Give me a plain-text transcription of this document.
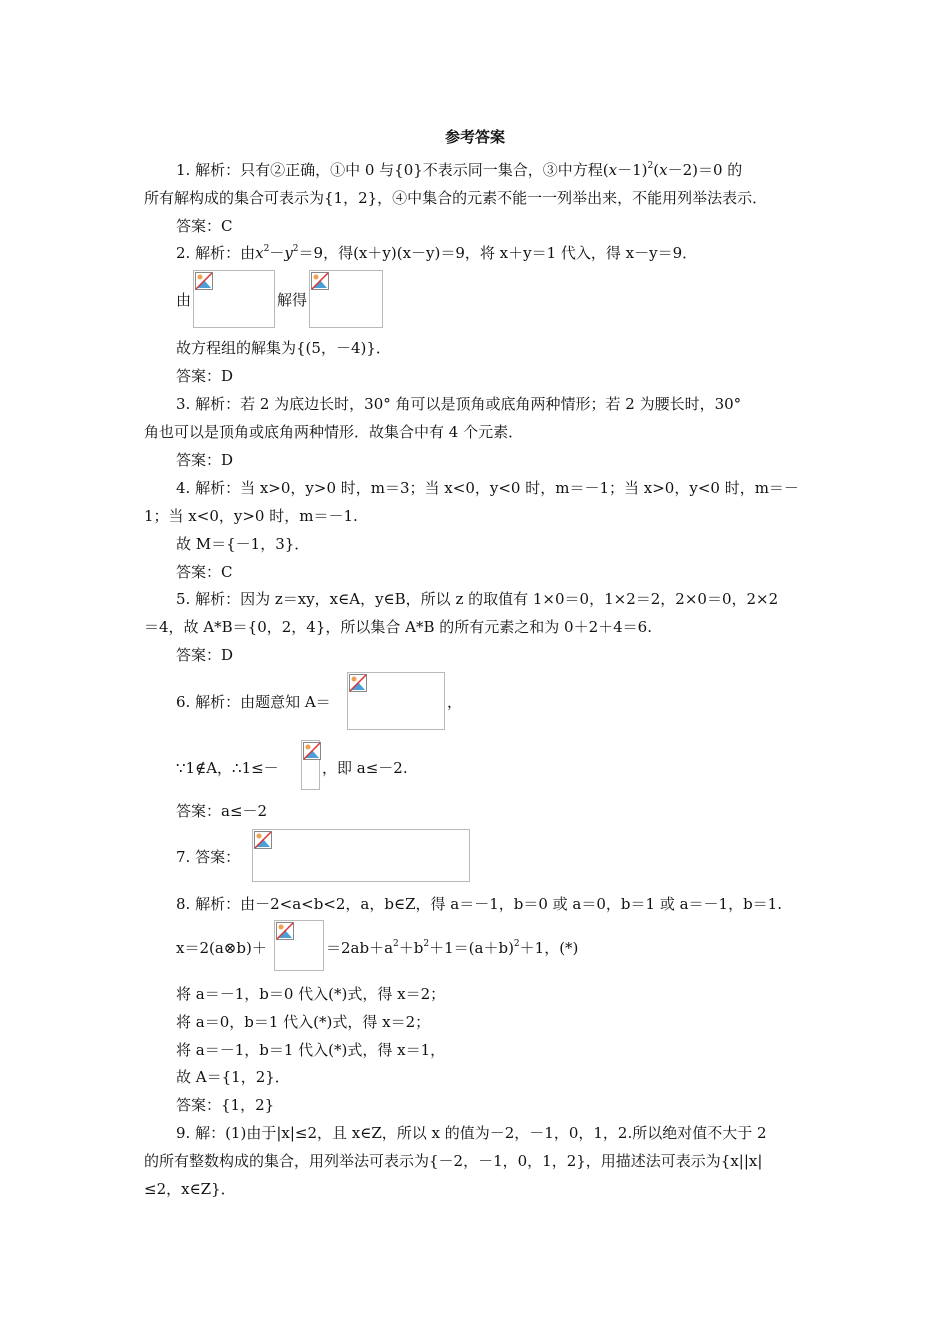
参考答案
1. 解析：只有②正确，①中 0 与{0}不表示同一集合，③中方程$(x-1)^2(x-2)=0$ 的
所有解构成的集合可表示为{1，2}，④中集合的元素不能一一列举出来，不能用列举法表示．
答案：C
2. 解析：由$x^2-y^2=9$，得(x＋y)(x－y)＝9，将 x＋y＝1 代入，得 x－y＝9．
由	解得
故方程组的解集为{(5，－4)}．
答案：D
3. 解析：若 2 为底边长时，30° 角可以是顶角或底角两种情形；若 2 为腰长时，30°
角也可以是顶角或底角两种情形．故集合中有 4 个元素．
答案：D
4. 解析：当 x>0，y>0 时，m＝3；当 x<0，y<0 时，m＝－1；当 x>0，y<0 时，m＝－
1；当 x<0，y>0 时，m＝－1.
故 M＝{－1，3}．
答案：C
5. 解析：因为 z＝xy，x∈A，y∈B，所以 z 的取值有 1×0＝0，1×2＝2，2×0＝0，2×2
＝4，故 A*B＝{0，2，4}，所以集合 A*B 的所有元素之和为 0＋2＋4＝6.
答案：D
6. 解析：由题意知 A＝	，
∵1∉A，∴1≤－	，即 a≤－2.
答案：a≤－2
7. 答案：
8. 解析：由－2<a<b<2，a，b∈Z，得 a＝－1，b＝0 或 a＝0，b＝1 或 a＝－1，b＝1.
x＝2(a⊗b)＋	$=2ab+a^2+b^2+1=(a+b)^2+1$，(*)
将 a＝－1，b＝0 代入(*)式，得 x＝2；
将 a＝0，b＝1 代入(*)式，得 x＝2；
将 a＝－1，b＝1 代入(*)式，得 x＝1，
故 A＝{1，2}．
答案：{1，2}
9. 解：(1)由于|x|≤2，且 x∈Z，所以 x 的值为－2，－1，0，1，2.所以绝对值不大于 2
的所有整数构成的集合，用列举法可表示为{－2，－1，0，1，2}，用描述法可表示为{x||x|
≤2，x∈Z}．
